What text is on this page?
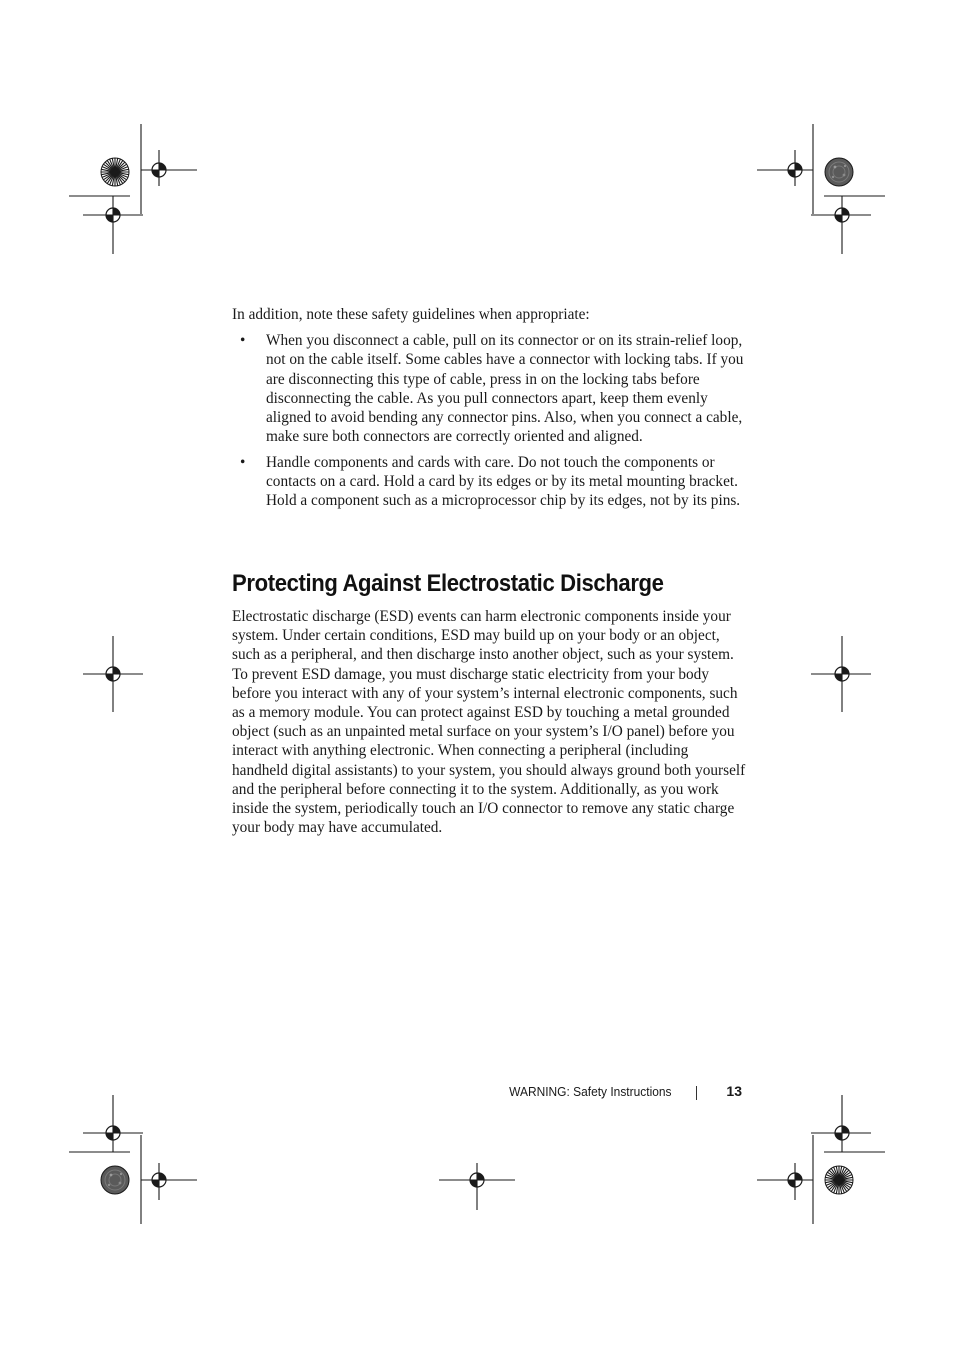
In addition, note these safety guidelines when appropriate:

• When you disconnect a cable, pull on its connector or on its strain-relief loop, not on the cable itself. Some cables have a connector with locking tabs. If you are disconnecting this type of cable, press in on the locking tabs before disconnecting the cable. As you pull connectors apart, keep them evenly aligned to avoid bending any connector pins. Also, when you connect a cable, make sure both connectors are correctly oriented and aligned.
• Handle components and cards with care. Do not touch the components or contacts on a card. Hold a card by its edges or by its metal mounting bracket. Hold a component such as a microprocessor chip by its edges, not by its pins.
Protecting Against Electrostatic Discharge

Electrostatic discharge (ESD) events can harm electronic components inside your system. Under certain conditions, ESD may build up on your body or an object, such as a peripheral, and then discharge insto another object, such as your system. To prevent ESD damage, you must discharge static electricity from your body before you interact with any of your system’s internal electronic components, such as a memory module. You can protect against ESD by touching a metal grounded object (such as an unpainted metal surface on your system’s I/O panel) before you interact with anything electronic. When connecting a peripheral (including handheld digital assistants) to your system, you should always ground both yourself and the peripheral before connecting it to the system. Additionally, as you work inside the system, periodically touch an I/O connector to remove any static charge your body may have accumulated.

WARNING: Safety Instructions	13
